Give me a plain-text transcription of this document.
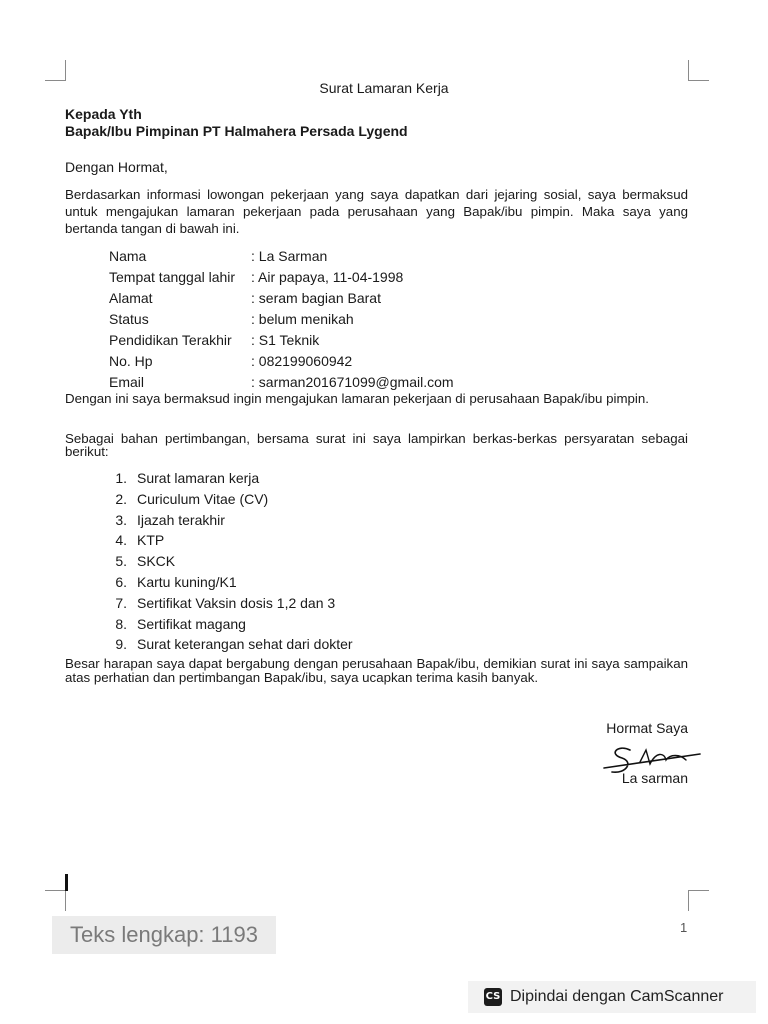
Surat Lamaran Kerja
Kepada Yth
Bapak/Ibu Pimpinan PT Halmahera Persada Lygend
Dengan Hormat,
Berdasarkan informasi lowongan pekerjaan yang saya dapatkan dari jejaring sosial, saya bermaksud untuk mengajukan lamaran pekerjaan pada perusahaan yang Bapak/ibu pimpin. Maka saya yang bertanda tangan di bawah ini.
Nama	: La Sarman
Tempat tanggal lahir : Air papaya, 11-04-1998
Alamat	: seram bagian Barat
Status	: belum menikah
Pendidikan Terakhir : S1 Teknik
No. Hp	: 082199060942
Email	: sarman201671099@gmail.com
Dengan ini saya bermaksud ingin mengajukan lamaran pekerjaan di perusahaan Bapak/ibu pimpin.
Sebagai bahan pertimbangan, bersama surat ini saya lampirkan berkas-berkas persyaratan sebagai berikut:
1. Surat lamaran kerja
2. Curiculum Vitae (CV)
3. Ijazah terakhir
4. KTP
5. SKCK
6. Kartu kuning/K1
7. Sertifikat Vaksin dosis 1,2 dan 3
8. Sertifikat magang
9. Surat keterangan sehat dari dokter
Besar harapan saya dapat bergabung dengan perusahaan Bapak/ibu, demikian surat ini saya sampaikan atas perhatian dan pertimbangan Bapak/ibu, saya ucapkan terima kasih banyak.
Hormat Saya
La sarman
1
Teks lengkap: 1193
CS Dipindai dengan CamScanner
